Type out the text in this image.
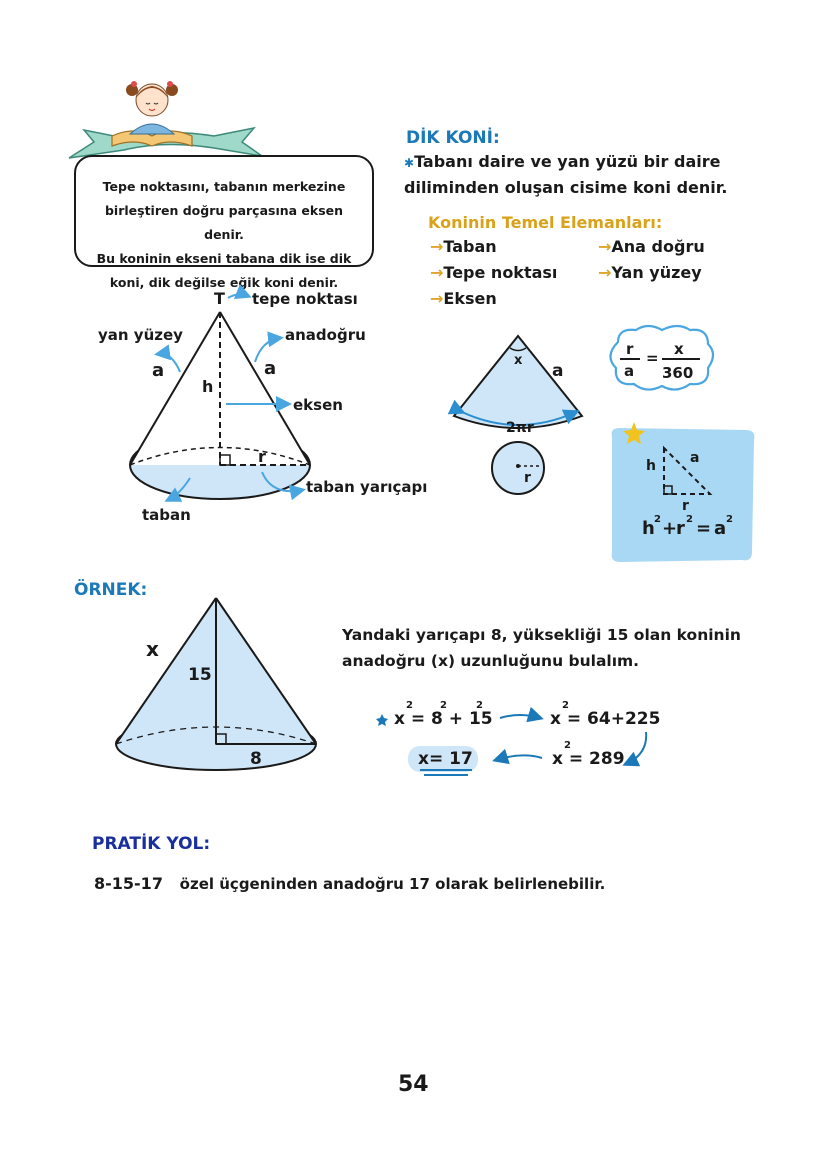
Tepe noktasını, tabanın merkezine
birleştiren doğru parçasına eksen denir.
Bu koninin ekseni tabana dik ise dik
koni, dik değilse eğik koni denir.
DİK KONİ:
✱Tabanı daire ve yan yüzü bir daire
diliminden oluşan cisime koni denir.
Koninin Temel Elemanları:
→Taban	→Ana doğru
→Tepe noktası	→Yan yüzey
→Eksen
T tepe noktası
yan yüzey	anadoğru
a	a
h
eksen
r
taban yarıçapı
taban
x
a
2πr
r
r
a
= x
360
h a
r
h 2 +
r 2 = a 2
ÖRNEK:
x
15
8
Yandaki yarıçapı 8, yüksekliği 15 olan koninin
anadoğru (x) uzunluğunu bulalım.
x = 8 + 15
2	2	2
x = 64+225
2
x = 289
2
x= 17
PRATİK YOL:
8-15-17 özel üçgeninden anadoğru 17 olarak belirlenebilir.
54
